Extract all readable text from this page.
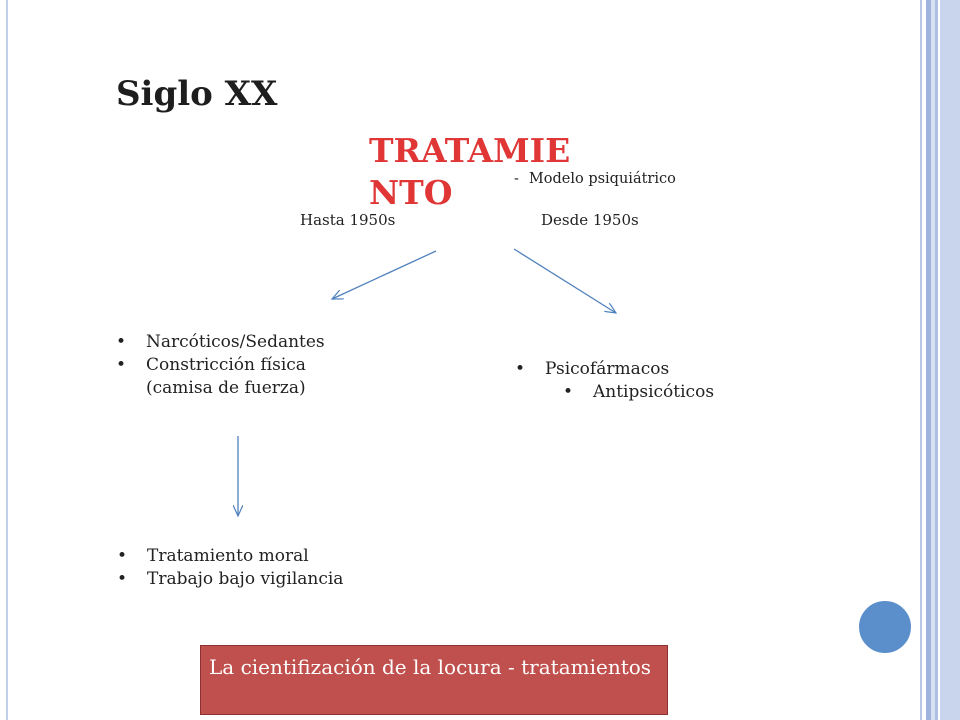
Siglo XX
TRATAMIENTO	- Modelo psiquiátrico
Hasta 1950s	Desde 1950s
• Narcóticos/Sedantes
• Constricción física (camisa de fuerza)
• Psicofármacos
• Antipsicóticos
• Tratamiento moral
• Trabajo bajo vigilancia
La cientifización de la locura - tratamientos
